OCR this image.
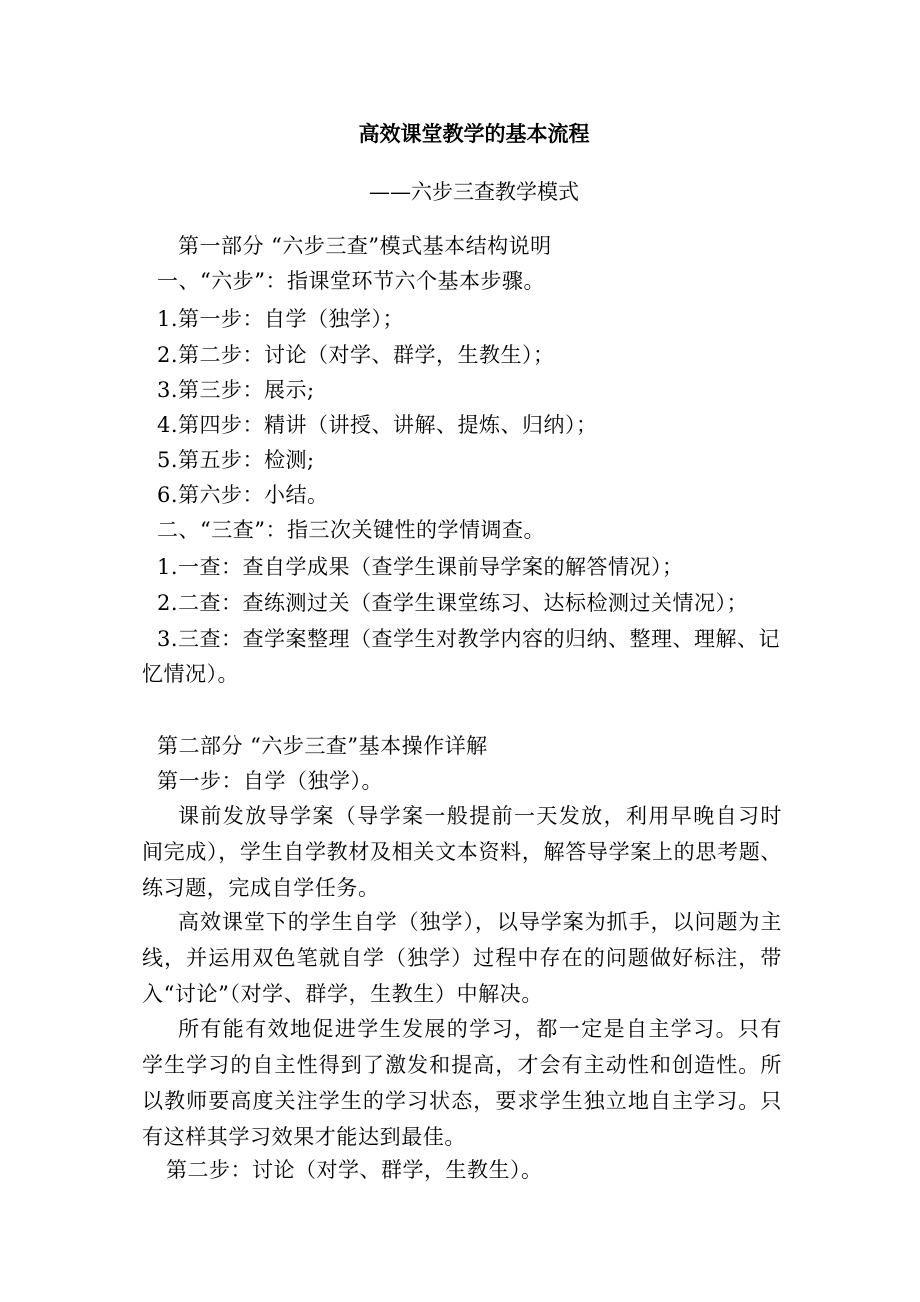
高效课堂教学的基本流程
——六步三查教学模式
第一部分 “六步三查”模式基本结构说明
一、“六步”：指课堂环节六个基本步骤。
1.第一步：自学（独学）；
2.第二步：讨论（对学、群学，生教生）；
3.第三步：展示;
4.第四步：精讲（讲授、讲解、提炼、归纳）；
5.第五步：检测;
6.第六步：小结。
二、“三查”：指三次关键性的学情调查。
1.一查：查自学成果（查学生课前导学案的解答情况）；
2.二查：查练测过关（查学生课堂练习、达标检测过关情况）；
3.三查：查学案整理（查学生对教学内容的归纳、整理、理解、记
忆情况）。
第二部分 “六步三查”基本操作详解
第一步：自学（独学）。
课前发放导学案（导学案一般提前一天发放，利用早晚自习时间完成），学生自学教材及相关文本资料，解答导学案上的思考题、练习题，完成自学任务。
高效课堂下的学生自学（独学），以导学案为抓手，以问题为主线，并运用双色笔就自学（独学）过程中存在的问题做好标注，带入“讨论”（对学、群学，生教生）中解决。
所有能有效地促进学生发展的学习，都一定是自主学习。只有学生学习的自主性得到了激发和提高，才会有主动性和创造性。所以教师要高度关注学生的学习状态，要求学生独立地自主学习。只有这样其学习效果才能达到最佳。
第二步：讨论（对学、群学，生教生）。
